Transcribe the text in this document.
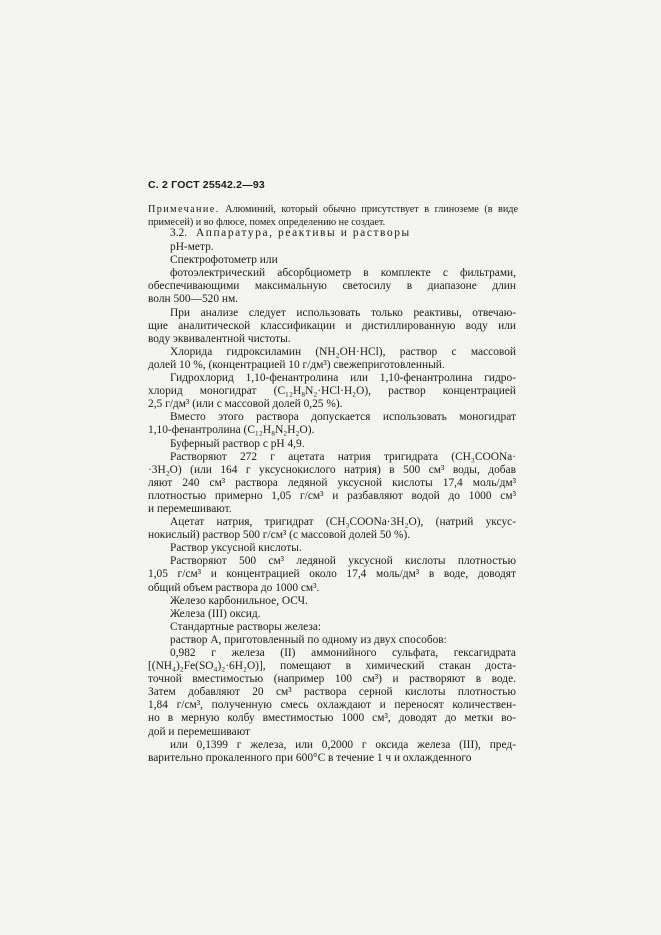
С. 2 ГОСТ 25542.2—93
Примечание. Алюминий, который обычно присутствует в глиноземе (в виде примесей) и во флюсе, помех определению не создает.

3.2. Аппаратура, реактивы и растворы

pH-метр.

Спектрофотометр или

фотоэлектрический абсорбциометр в комплекте с фильтрами,
обеспечивающими максимальную светосилу в диапазоне длин
волн 500—520 нм.

При анализе следует использовать только реактивы, отвечаю-
щие аналитической классификации и дистиллированную воду или
воду эквивалентной чистоты.

Хлорида гидроксиламин (NH₂OH·HCl), раствор с массовой
долей 10 %, (концентрацией 10 г/дм³) свежеприготовленный.

Гидрохлорид 1,10-фенантролина или 1,10-фенантролина гидро-
хлорид моногидрат (C₁₂H₈N₂·HCl·H₂O), раствор концентрацией
2,5 г/дм³ (или с массовой долей 0,25 %).

Вместо этого раствора допускается использовать моногидрат
1,10-фенантролина (C₁₂H₈N₂H₂O).

Буферный раствор с pH 4,9.

Растворяют 272 г ацетата натрия тригидрата (CH₃COONa·
·3H₂O) (или 164 г уксуснокислого натрия) в 500 см³ воды, добав
ляют 240 см³ раствора ледяной уксусной кислоты 17,4 моль/дм³
плотностью примерно 1,05 г/см³ и разбавляют водой до 1000 см³
и перемешивают.

Ацетат натрия, тригидрат (CH₃COONa·3H₂O), (натрий уксус-
нокислый) раствор 500 г/см³ (с массовой долей 50 %).

Раствор уксусной кислоты.

Растворяют 500 см³ ледяной уксусной кислоты плотностью
1,05 г/см³ и концентрацией около 17,4 моль/дм³ в воде, доводят
общий объем раствора до 1000 см³.

Железо карбонильное, ОСЧ.

Железа (III) оксид.

Стандартные растворы железа:

раствор А, приготовленный по одному из двух способов:

0,982 г железа (II) аммонийного сульфата, гексагидрата
[(NH₄)₂Fe(SO₄)₂·6H₂O)], помещают в химический стакан доста-
точной вместимостью (например 100 см³) и растворяют в воде.
Затем добавляют 20 см³ раствора серной кислоты плотностью
1,84 г/см³, полученную смесь охлаждают и переносят количествен-
но в мерную колбу вместимостью 1000 см³, доводят до метки во-
дой и перемешивают

или 0,1399 г железа, или 0,2000 г оксида железа (III), пред-
варительно прокаленного при 600°С в течение 1 ч и охлажденного
